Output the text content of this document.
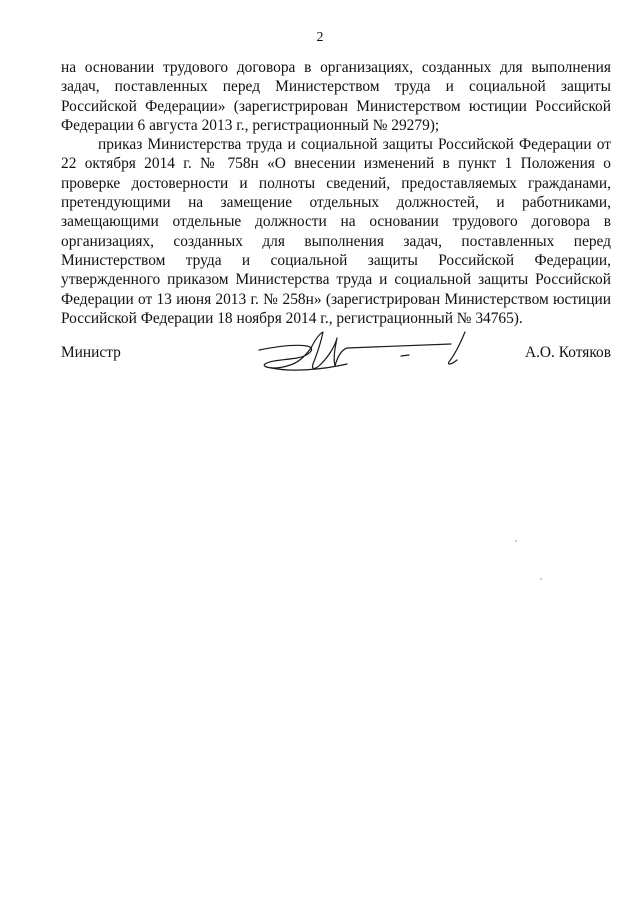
2

на основании трудового договора в организациях, созданных для выполнения задач, поставленных перед Министерством труда и социальной защиты Российской Федерации» (зарегистрирован Министерством юстиции Российской Федерации 6 августа 2013 г., регистрационный № 29279);

приказ Министерства труда и социальной защиты Российской Федерации от 22 октября 2014 г. № 758н «О внесении изменений в пункт 1 Положения о проверке достоверности и полноты сведений, предоставляемых гражданами, претендующими на замещение отдельных должностей, и работниками, замещающими отдельные должности на основании трудового договора в организациях, созданных для выполнения задач, поставленных перед Министерством труда и социальной защиты Российской Федерации, утвержденного приказом Министерства труда и социальной защиты Российской Федерации от 13 июня 2013 г. № 258н» (зарегистрирован Министерством юстиции Российской Федерации 18 ноября 2014 г., регистрационный № 34765).

Министр	А.О. Котяков
